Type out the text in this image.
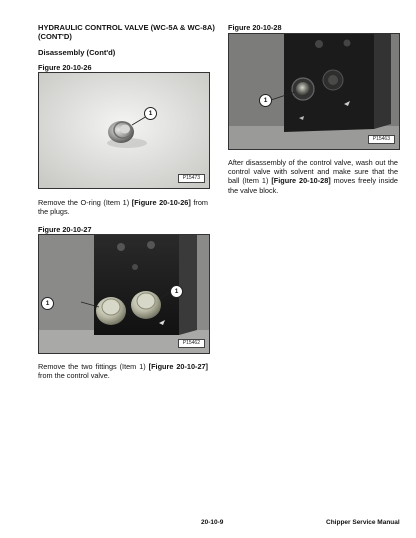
HYDRAULIC CONTROL VALVE (WC-5A & WC-8A)
(CONT'D)
Disassembly (Cont'd)
Figure 20-10-26
1
P15473
Remove the O-ring (Item 1) [Figure 20-10-26] from the plugs.
Figure 20-10-27
1
1
P15462
Remove the two fittings (Item 1) [Figure 20-10-27] from the control valve.
Figure 20-10-28
1
P15463
After disassembly of the control valve, wash out the control valve with solvent and make sure that the ball (Item 1) [Figure 20-10-28] moves freely inside the valve block.
20-10-9	Chipper Service Manual
